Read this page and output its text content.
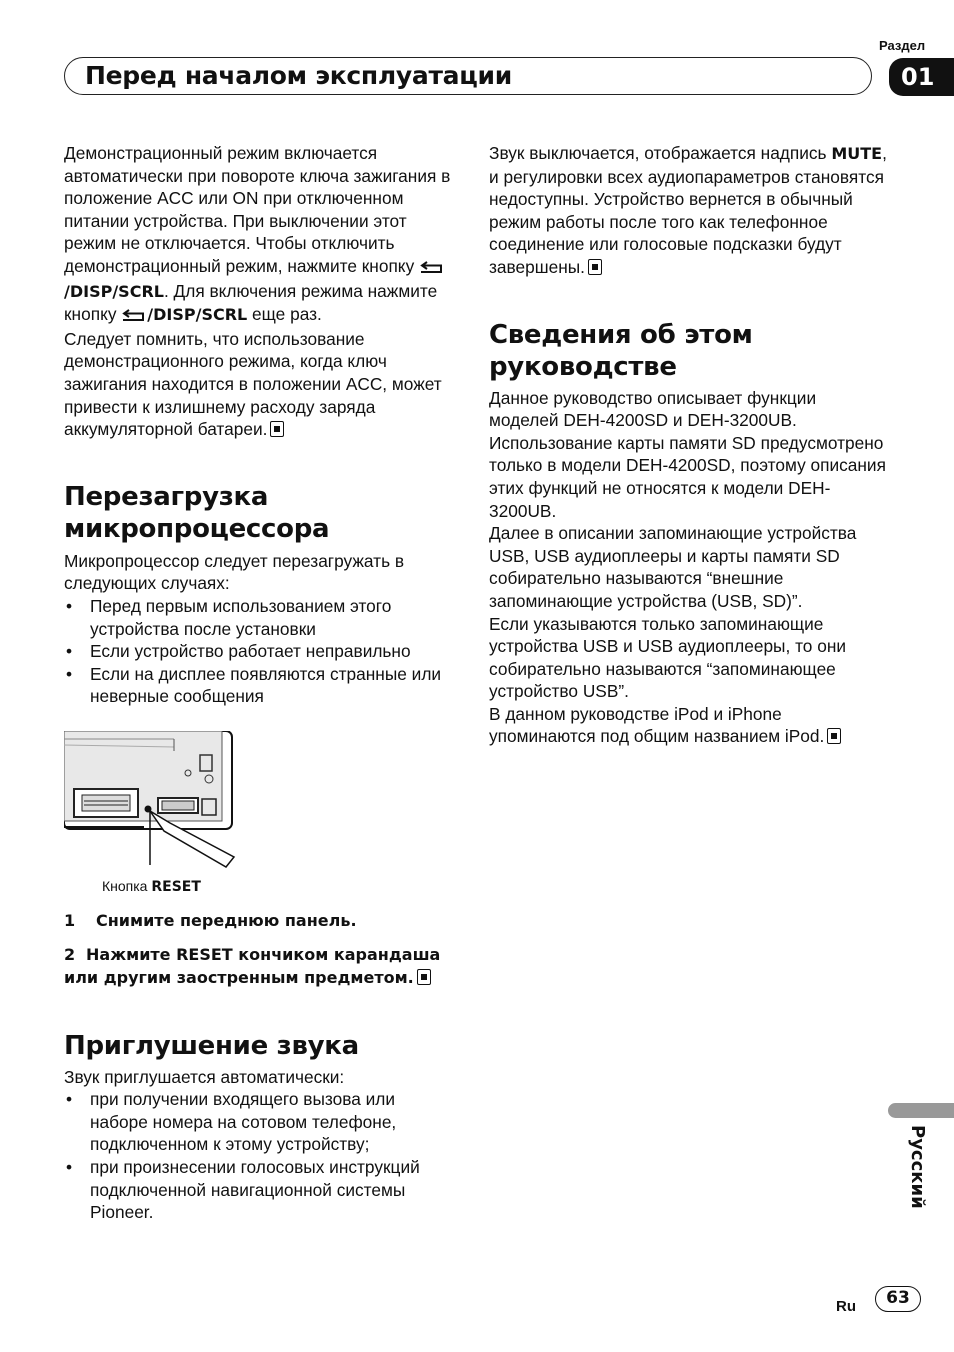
Раздел
Перед началом эксплуатации	01

Демонстрационный режим включается автоматически при повороте ключа зажигания в положение ACC или ON при отключенном питании устройства. При выключении этот режим не отключается. Чтобы отключить демонстрационный режим, нажмите кнопку /DISP/SCRL. Для включения режима нажмите кнопку /DISP/SCRL еще раз.

Следует помнить, что использование демонстрационного режима, когда ключ зажигания находится в положении ACC, может привести к излишнему расходу заряда аккумуляторной батареи.

Перезагрузка микропроцессора

Микропроцессор следует перезагружать в следующих случаях:

• Перед первым использованием этого устройства после установки
• Если устройство работает неправильно
• Если на дисплее появляются странные или неверные сообщения
Кнопка RESET
1 Снимите переднюю панель.
2 Нажмите RESET кончиком карандаша или другим заостренным предметом.
Приглушение звука

Звук приглушается автоматически:

• при получении входящего вызова или наборе номера на сотовом телефоне, подключенном к этому устройству;
• при произнесении голосовых инструкций подключенной навигационной системы Pioneer.

Звук выключается, отображается надпись MUTE, и регулировки всех аудиопараметров становятся недоступны. Устройство вернется в обычный режим работы после того как телефонное соединение или голосовые подсказки будут завершены.

Сведения об этом руководстве

Данное руководство описывает функции моделей DEH-4200SD и DEH-3200UB. Использование карты памяти SD предусмотрено только в модели DEH-4200SD, поэтому описания этих функций не относятся к модели DEH-3200UB.

Далее в описании запоминающие устройства USB, USB аудиоплееры и карты памяти SD собирательно называются “внешние запоминающие устройства (USB, SD)”.

Если указываются только запоминающие устройства USB и USB аудиоплееры, то они собирательно называются “запоминающее устройство USB”.

В данном руководстве iPod и iPhone упоминаются под общим названием iPod.

Русский
Ru	63
